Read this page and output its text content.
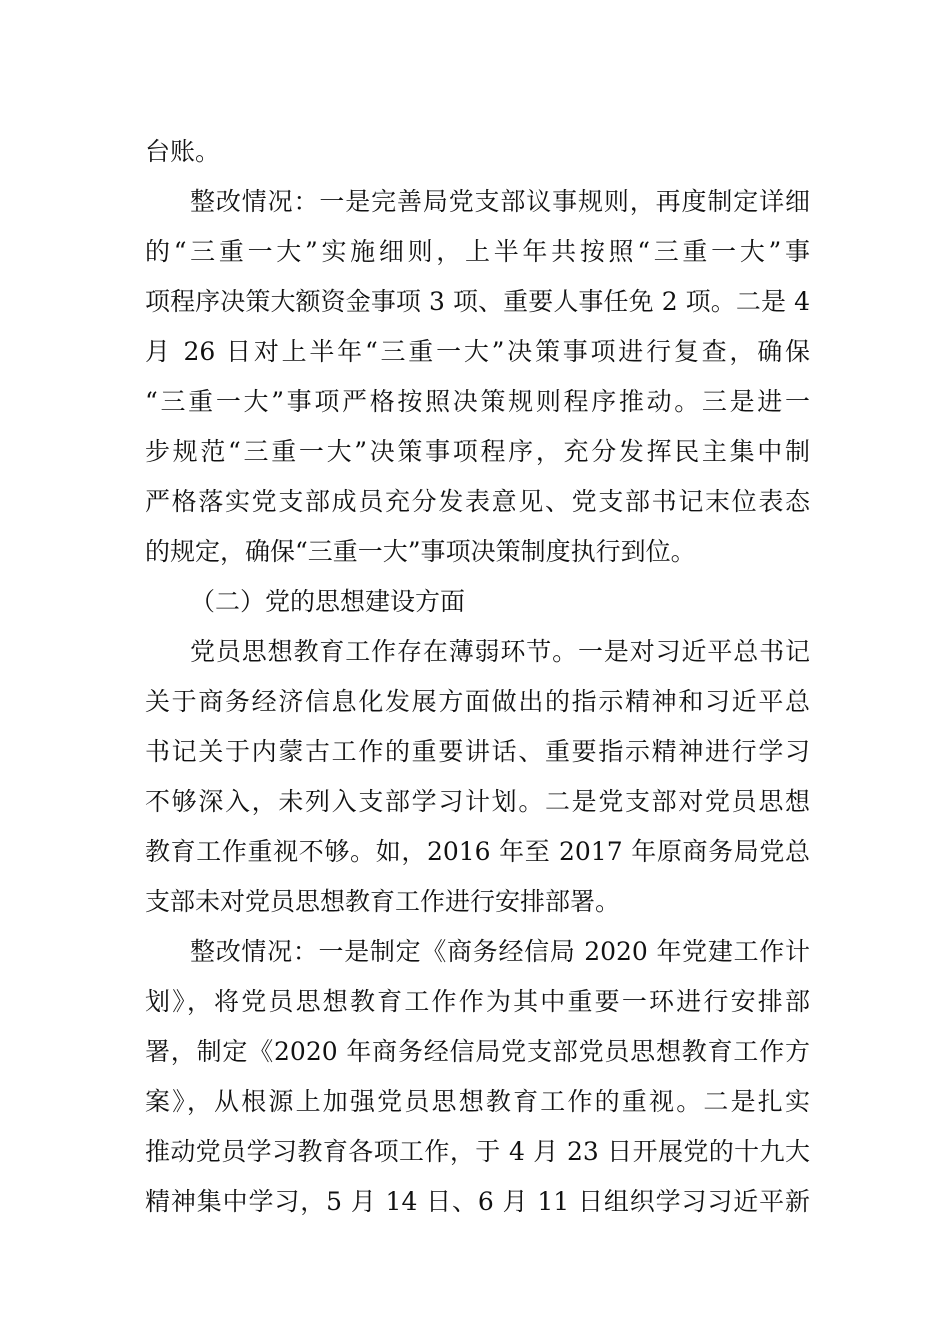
台账。
整改情况：一是完善局党支部议事规则，再度制定详细
的“三重一大”实施细则，上半年共按照“三重一大”事
项程序决策大额资金事项 3 项、重要人事任免 2 项。二是 4
月 26 日对上半年“三重一大”决策事项进行复查，确保
“三重一大”事项严格按照决策规则程序推动。三是进一
步规范“三重一大”决策事项程序，充分发挥民主集中制
严格落实党支部成员充分发表意见、党支部书记末位表态
的规定，确保“三重一大”事项决策制度执行到位。
（二）党的思想建设方面
党员思想教育工作存在薄弱环节。一是对习近平总书记
关于商务经济信息化发展方面做出的指示精神和习近平总
书记关于内蒙古工作的重要讲话、重要指示精神进行学习
不够深入，未列入支部学习计划。二是党支部对党员思想
教育工作重视不够。如，2016 年至 2017 年原商务局党总
支部未对党员思想教育工作进行安排部署。
整改情况：一是制定《商务经信局 2020 年党建工作计
划》，将党员思想教育工作作为其中重要一环进行安排部
署，制定《2020 年商务经信局党支部党员思想教育工作方
案》，从根源上加强党员思想教育工作的重视。二是扎实
推动党员学习教育各项工作，于 4 月 23 日开展党的十九大
精神集中学习，5 月 14 日、6 月 11 日组织学习习近平新
